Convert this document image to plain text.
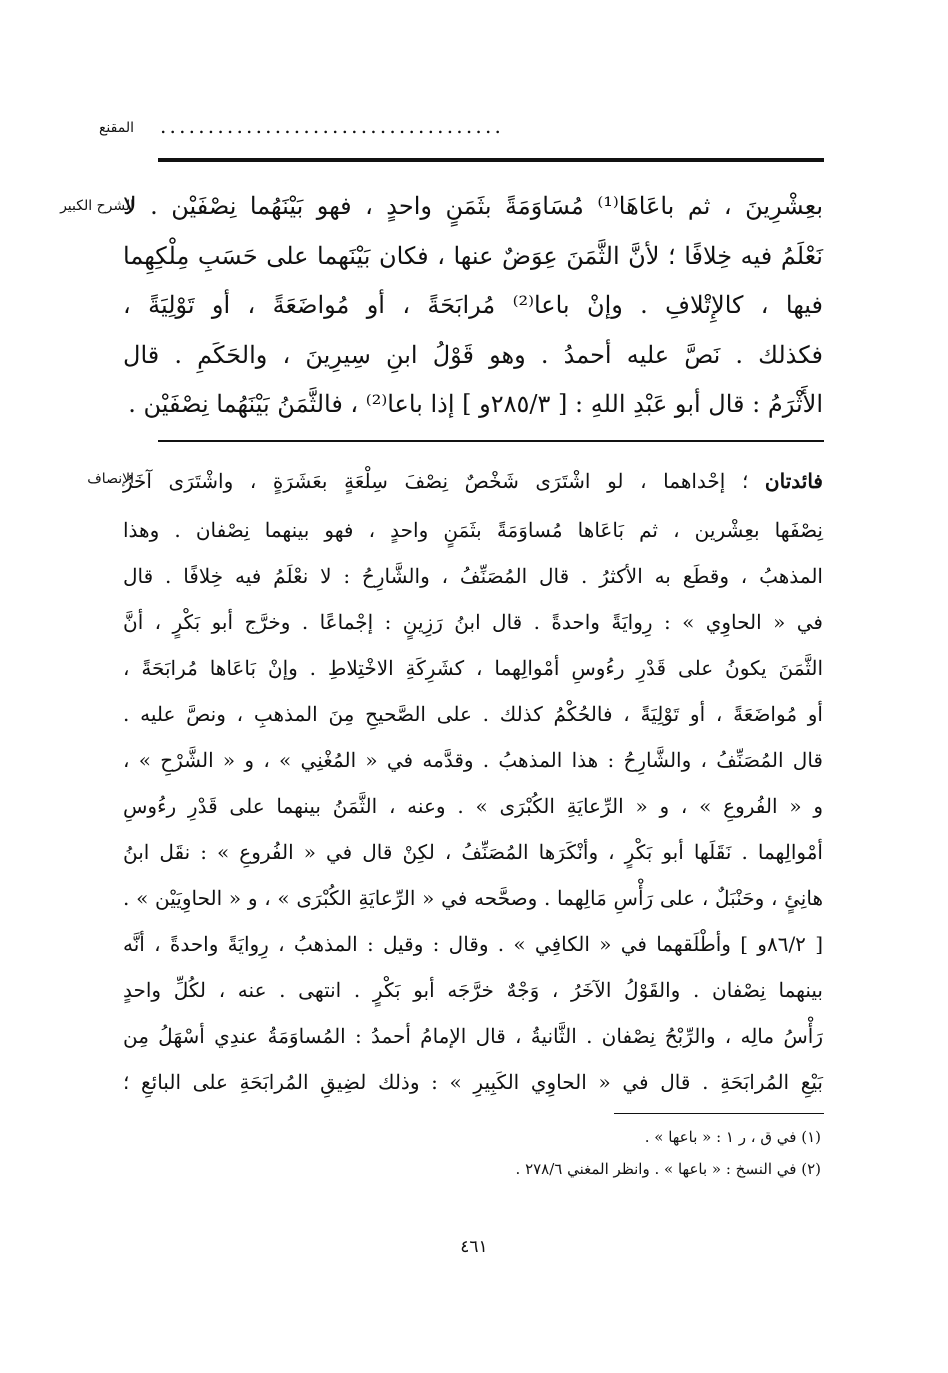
المقنع ....................................
الشرح الكبير
بعِشْرِينَ ، ثم باعَاهَا⁽¹⁾ مُسَاوَمَةً بثَمَنٍ واحدٍ ، فهو بَيْنَهُما نِصْفَيْن . لا
نَعْلَمُ فيه خِلافًا ؛ لأنَّ الثَّمَنَ عِوَضٌ عنها ، فكان بَيْنَهما على حَسَبِ مِلْكِهِما
فيها ، كالإِتْلافِ . وإنْ باعا⁽²⁾ مُرابَحَةً ، أو مُواضَعَةً ، أو تَوْلِيَةً ،
فكذلك . نَصَّ عليه أحمدُ . وهو قَوْلُ ابنِ سِيرِينَ ، والحَكَمِ . قال
الأَثْرَمُ : قال أبو عَبْدِ اللهِ : [ ٢٨٥/٣و ] إذا باعا⁽²⁾ ، فالثَّمَنُ بَيْنَهُما نِصْفَيْن .
الإنصاف	فائدتان ؛ إحْداهما ، لو اشْتَرَى شَخْصٌ نِصْفَ سِلْعَةٍ بعَشَرَةٍ ، واشْتَرَى آخَرُ
نِصْفَها بعِشْرين ، ثم بَاعَاها مُساوَمَةً بثَمَنٍ واحدٍ ، فهو بينهما نِصْفان . وهذا
المذهبُ ، وقطَع به الأكثرُ . قال المُصَنِّفُ ، والشَّارِحُ : لا نعْلَمُ فيه خِلافًا . قال
في « الحاوِي » : رِوايَةً واحدةً . قال ابنُ رَزِينٍ : إجْماعًا . وخرَّج أبو بَكْرٍ ، أنَّ
الثَّمَنَ يكونُ على قَدْرِ رءُوسِ أمْوالِهما ، كشَرِكَةِ الاخْتِلاطِ . وإنْ بَاعَاها مُرابَحَةً ،
أو مُواضَعَةً ، أو تَوْلِيَةً ، فالحُكْمُ كذلك . على الصَّحيحِ مِنَ المذهبِ ، ونصَّ عليه .
قال المُصَنِّفُ ، والشَّارِحُ : هذا المذهبُ . وقدَّمه في « المُغْنِي » ، و « الشَّرْحِ » ،
و « الفُروعِ » ، و « الرِّعايَةِ الكُبْرَى » . وعنه ، الثَّمَنُ بينهما على قَدْرِ رءُوسِ
أمْوالِهما . نَقَلَها أبو بَكْرٍ ، وأنْكَرَها المُصَنِّفُ ، لكِنْ قال في « الفُروعِ » : نقَل ابنُ
هانِئٍ ، وحَنْبَلٌ ، على رَأْسِ مَالِهما . وصحَّحه في « الرِّعايَةِ الكُبْرَى » ، و « الحاوِيَيْن » .
[ ٨٦/٢و ] وأطْلَقهما في « الكافِي » . وقال : وقيل : المذهبُ ، رِوايَةً واحدةً ، أنَّه
بينهما نِصْفان . والقَوْلُ الآخَرُ ، وَجْهٌ خرَّجَه أبو بَكْرٍ . انتهى . عنه ، لكُلِّ واحدٍ
رَأْسُ مالِه ، والرِّبْحُ نِصْفان . الثَّانيةُ ، قال الإمامُ أحمدُ : المُساوَمَةُ عندِي أسْهَلُ مِن
بَيْعِ المُرابَحَةِ . قال في « الحاوِي الكَبِيرِ » : وذلك لضِيقِ المُرابَحَةِ على البائعِ ؛
(١) في ق ، ر ١ : « باعها » .
(٢) في النسخ : « باعها » . وانظر المغني ٢٧٨/٦ .
٤٦١
